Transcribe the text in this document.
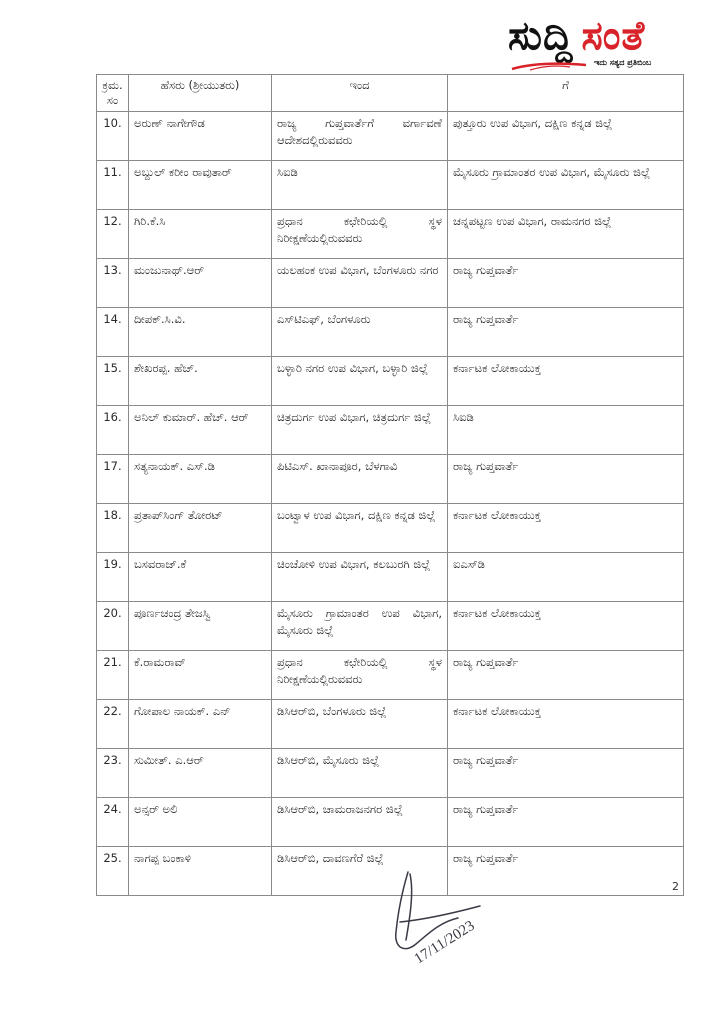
ಸುದ್ದಿ ಸಂತೆ
ಇದು ಸತ್ಯದ ಪ್ರತಿಬಿಂಬ
ಕ್ರಮ. ಸಂ	ಹೆಸರು (ಶ್ರೀಯುತರು)	ಇಂದ	ಗೆ
10.	ಅರುಣ್ ನಾಗೇಗೌಡ	ರಾಜ್ಯ ಗುಪ್ತವಾರ್ತೆಗೆ ವರ್ಗಾವಣೆ ಆದೇಶದಲ್ಲಿರುವವರು	ಪುತ್ತೂರು ಉಪ ವಿಭಾಗ, ದಕ್ಷಿಣ ಕನ್ನಡ ಜಿಲ್ಲೆ
11.	ಅಬ್ದುಲ್ ಕರೀಂ ರಾವುತಾರ್	ಸಿಐಡಿ	ಮೈಸೂರು ಗ್ರಾಮಾಂತರ ಉಪ ವಿಭಾಗ, ಮೈಸೂರು ಜಿಲ್ಲೆ
12.	ಗಿರಿ.ಕೆ.ಸಿ	ಪ್ರಧಾನ ಕಛೇರಿಯಲ್ಲಿ ಸ್ಥಳ ನಿರೀಕ್ಷಣೆಯಲ್ಲಿರುವವರು	ಚನ್ನಪಟ್ಟಣ ಉಪ ವಿಭಾಗ, ರಾಮನಗರ ಜಿಲ್ಲೆ
13.	ಮಂಜುನಾಥ್.ಆರ್	ಯಲಹಂಕ ಉಪ ವಿಭಾಗ, ಬೆಂಗಳೂರು ನಗರ	ರಾಜ್ಯ ಗುಪ್ತವಾರ್ತೆ
14.	ದೀಪಕ್.ಸಿ.ವಿ.	ಎಸ್‌ಟಿಎಫ್, ಬೆಂಗಳೂರು	ರಾಜ್ಯ ಗುಪ್ತವಾರ್ತೆ
15.	ಶೇಖರಪ್ಪ. ಹೆಚ್.	ಬಳ್ಳಾರಿ ನಗರ ಉಪ ವಿಭಾಗ, ಬಳ್ಳಾರಿ ಜಿಲ್ಲೆ	ಕರ್ನಾಟಕ ಲೋಕಾಯುಕ್ತ
16.	ಅನಿಲ್ ಕುಮಾರ್. ಹೆಚ್. ಆರ್	ಚಿತ್ರದುರ್ಗ ಉಪ ವಿಭಾಗ, ಚಿತ್ರದುರ್ಗ ಜಿಲ್ಲೆ	ಸಿಐಡಿ
17.	ಸತ್ಯನಾಯಕ್. ಎಸ್.ಡಿ	ಪಿಟಿಎಸ್. ಖಾನಾಪೂರ, ಬೆಳಗಾವಿ	ರಾಜ್ಯ ಗುಪ್ತವಾರ್ತೆ
18.	ಪ್ರತಾಪ್‌ಸಿಂಗ್ ತೋರಟ್	ಬಂಟ್ವಾಳ ಉಪ ವಿಭಾಗ, ದಕ್ಷಿಣ ಕನ್ನಡ ಜಿಲ್ಲೆ	ಕರ್ನಾಟಕ ಲೋಕಾಯುಕ್ತ
19.	ಬಸವರಾಜ್.ಕೆ	ಚಿಂಚೋಳಿ ಉಪ ವಿಭಾಗ, ಕಲಬುರಗಿ ಜಿಲ್ಲೆ	ಐಎಸ್‌ಡಿ
20.	ಪೂರ್ಣಚಂದ್ರ ತೇಜಸ್ವಿ	ಮೈಸೂರು ಗ್ರಾಮಾಂತರ ಉಪ ವಿಭಾಗ, ಮೈಸೂರು ಜಿಲ್ಲೆ	ಕರ್ನಾಟಕ ಲೋಕಾಯುಕ್ತ
21.	ಕೆ.ರಾಮರಾವ್	ಪ್ರಧಾನ ಕಛೇರಿಯಲ್ಲಿ ಸ್ಥಳ ನಿರೀಕ್ಷಣೆಯಲ್ಲಿರುವವರು	ರಾಜ್ಯ ಗುಪ್ತವಾರ್ತೆ
22.	ಗೋಪಾಲ ನಾಯಕ್. ಎನ್	ಡಿಸಿಆರ್‌ಬಿ, ಬೆಂಗಳೂರು ಜಿಲ್ಲೆ	ಕರ್ನಾಟಕ ಲೋಕಾಯುಕ್ತ
23.	ಸುಮೀತ್. ಎ.ಆರ್	ಡಿಸಿಆರ್‌ಬಿ, ಮೈಸೂರು ಜಿಲ್ಲೆ	ರಾಜ್ಯ ಗುಪ್ತವಾರ್ತೆ
24.	ಅನ್ಸರ್ ಅಲಿ	ಡಿಸಿಆರ್‌ಬಿ, ಚಾಮರಾಜನಗರ ಜಿಲ್ಲೆ	ರಾಜ್ಯ ಗುಪ್ತವಾರ್ತೆ
25.	ನಾಗಪ್ಪ ಬಂಕಾಳಿ	ಡಿಸಿಆರ್‌ಬಿ, ದಾವಣಗೆರೆ ಜಿಲ್ಲೆ	ರಾಜ್ಯ ಗುಪ್ತವಾರ್ತೆ
2
17/11/2023
